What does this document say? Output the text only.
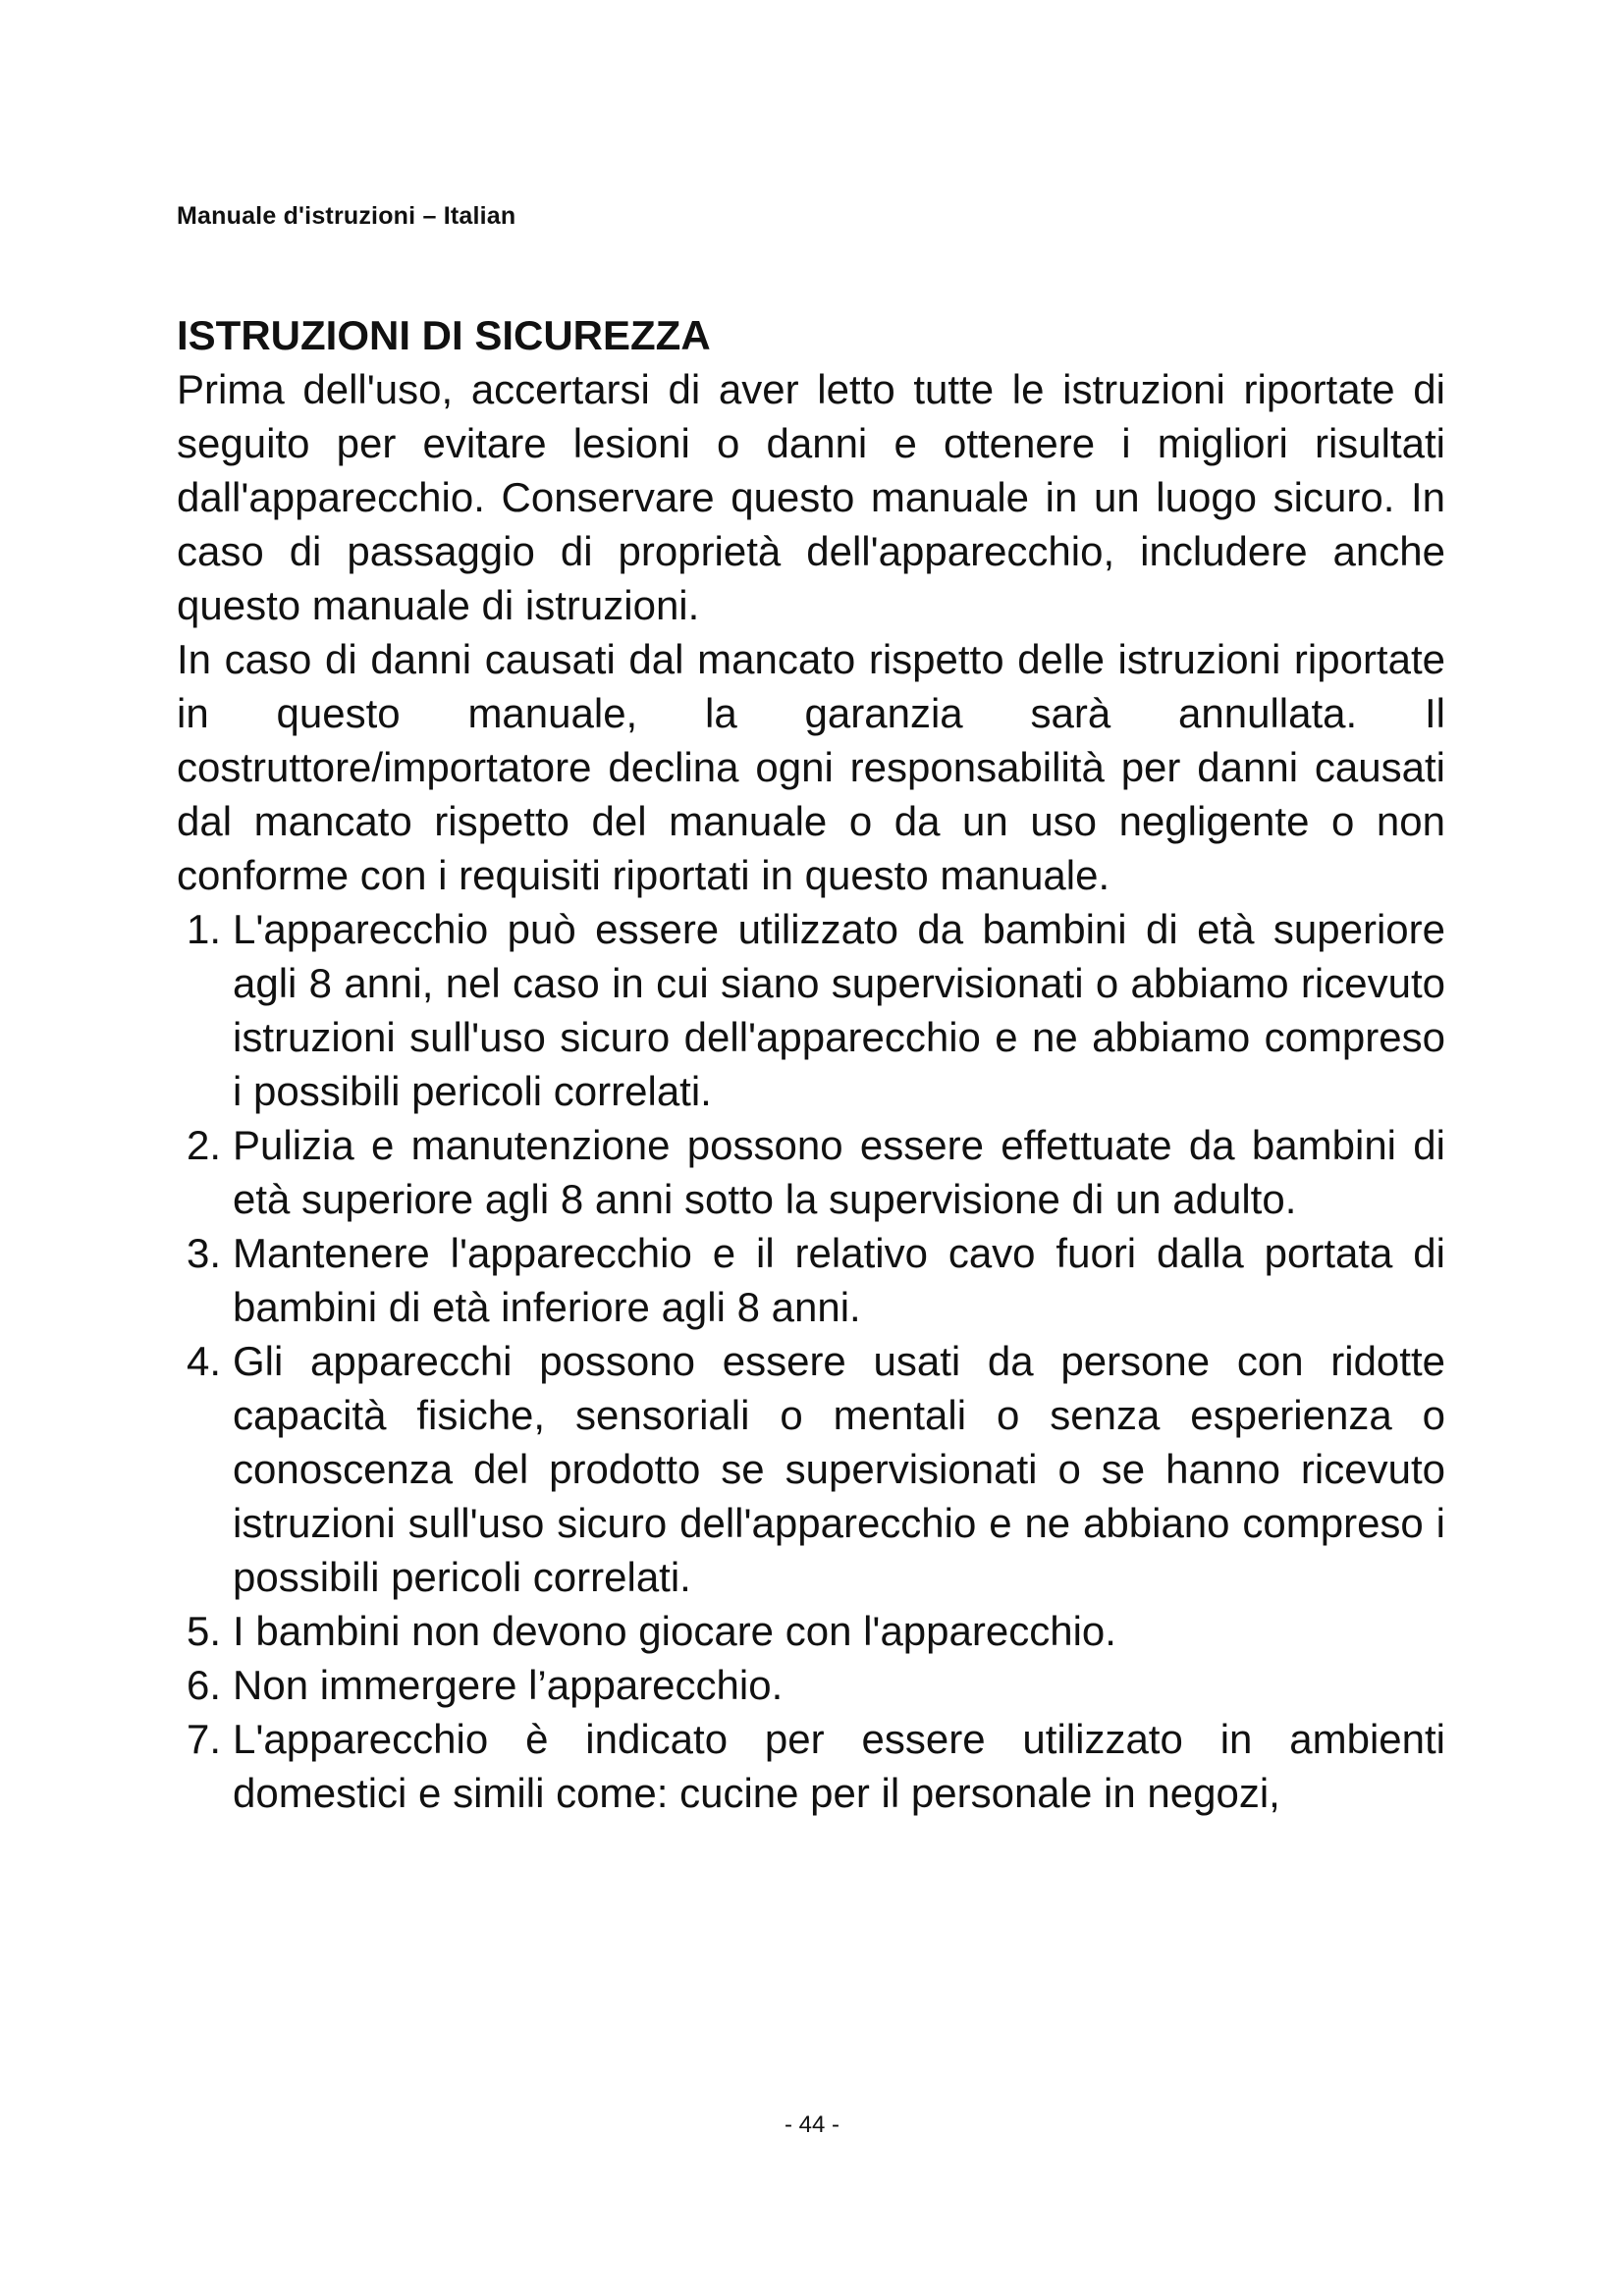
Manuale d'istruzioni – Italian
ISTRUZIONI DI SICUREZZA

Prima dell'uso, accertarsi di aver letto tutte le istruzioni riportate di seguito per evitare lesioni o danni e ottenere i migliori risultati dall'apparecchio. Conservare questo manuale in un luogo sicuro. In caso di passaggio di proprietà dell'apparecchio, includere anche questo manuale di istruzioni.

In caso di danni causati dal mancato rispetto delle istruzioni riportate in questo manuale, la garanzia sarà annullata. Il costruttore/importatore declina ogni responsabilità per danni causati dal mancato rispetto del manuale o da un uso negligente o non conforme con i requisiti riportati in questo manuale.

1. L'apparecchio può essere utilizzato da bambini di età superiore agli 8 anni, nel caso in cui siano supervisionati o abbiamo ricevuto istruzioni sull'uso sicuro dell'apparecchio e ne abbiamo compreso i possibili pericoli correlati.
2. Pulizia e manutenzione possono essere effettuate da bambini di età superiore agli 8 anni sotto la supervisione di un adulto.
3. Mantenere l'apparecchio e il relativo cavo fuori dalla portata di bambini di età inferiore agli 8 anni.
4. Gli apparecchi possono essere usati da persone con ridotte capacità fisiche, sensoriali o mentali o senza esperienza o conoscenza del prodotto se supervisionati o se hanno ricevuto istruzioni sull'uso sicuro dell'apparecchio e ne abbiano compreso i possibili pericoli correlati.
5. I bambini non devono giocare con l'apparecchio.
6. Non immergere l’apparecchio.
7. L'apparecchio è indicato per essere utilizzato in ambienti domestici e simili come: cucine per il personale in negozi,
- 44 -
